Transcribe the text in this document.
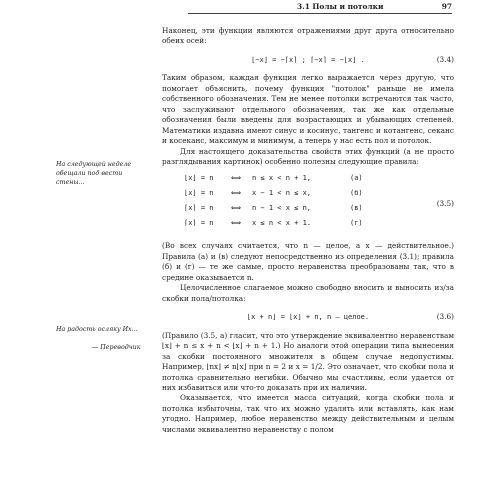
3.1 Полы и потолки	97
На следующей неделе обещали под вести стены...
На радость осляку Их...
— Переводчик

Наконец, эти функции являются отражениями друг друга относительно обеих осей:

⌊−x⌋ = −⌈x⌉ ; ⌈−x⌉ = −⌊x⌋ .	(3.4)

Таким образом, каждая функция легко выражается через другую, что помогает объяснить, почему функция "потолок" раньше не имела собственного обозначения. Тем не менее потолки встречаются так часто, что заслуживают отдельного обозначения, так же как отдельные обозначения были введены для возрастающих и убывающих степеней. Математики издавна имеют синус и косинус, тангенс и котангенс, секанс и косеканс, максимум и минимум, а теперь у нас есть пол и потолок.

Для настоящего доказательства свойств этих функций (а не просто разглядывания картинок) особенно полезны следующие правила:

⌊x⌋ = n ⟺ n ≤ x < n + 1,	(a)
⌊x⌋ = n ⟺ x − 1 < n ≤ x,	(б)
⌈x⌉ = n ⟺ n − 1 < x ≤ n,	(в)
⌈x⌉ = n ⟺ x ≤ n < x + 1.	(г)
(3.5)

(Во всех случаях считается, что n — целое, а x — действительное.) Правила (а) и (в) следуют непосредственно из определения (3.1); правила (б) и (г) — те же самые, просто неравенства преобразованы так, что в средине оказывается n.

Целочисленное слагаемое можно свободно вносить и выносить из/за скобки пола/потолка:

⌊x + n⌋ = ⌊x⌋ + n, n — целое.	(3.6)

(Правило (3.5, а) гласит, что это утверждение эквивалентно неравенствам ⌊x⌋ + n ≤ x + n < ⌊x⌋ + n + 1.) Но аналоги этой операции типа вынесения за скобки постоянного множителя в общем случае недопустимы. Например, ⌊nx⌋ ≠ n⌊x⌋ при n = 2 и x = 1/2. Это означает, что скобки пола и потолка сравнительно негибки. Обычно мы счастливы, если удается от них избавиться или что-то доказать при их наличии.

Оказывается, что имеется масса ситуаций, когда скобки пола и потолка избыточны, так что их можно удалять или вставлять, как нам угодно. Например, любое неравенство между действительным и целым числами эквивалентно неравенству с полом
